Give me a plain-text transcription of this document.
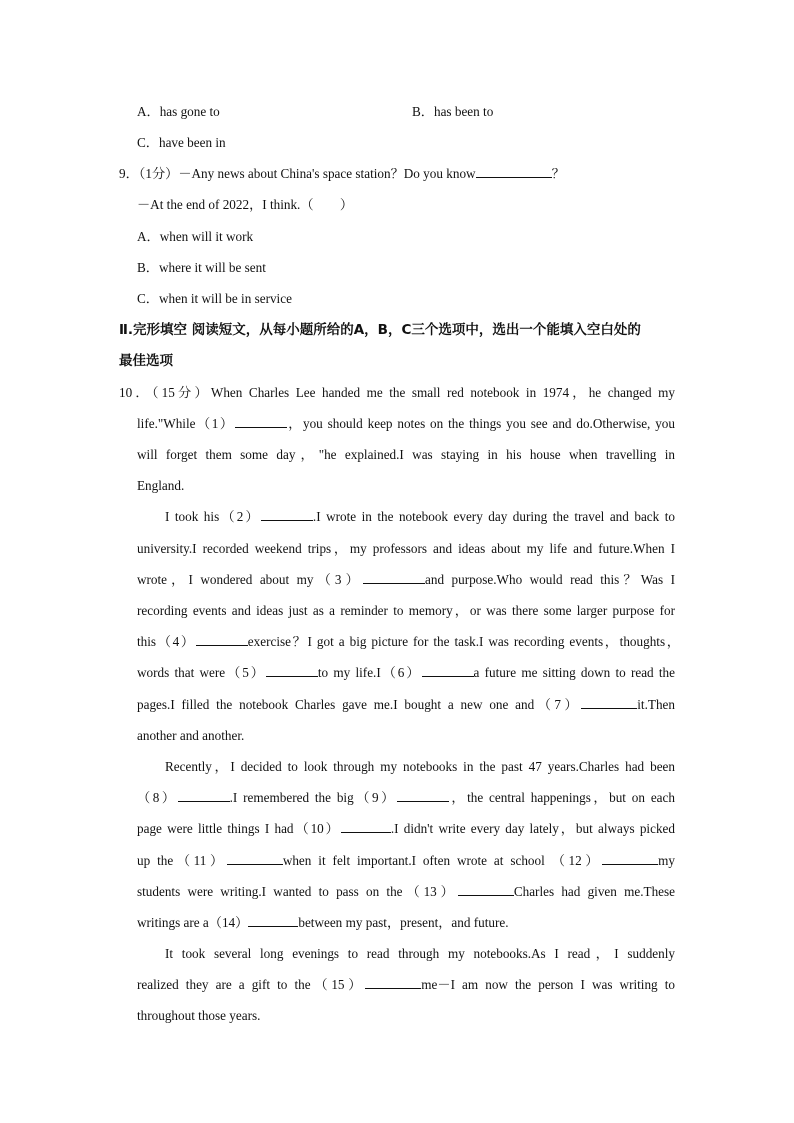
A．has gone to	B．has been to
C．have been in
9．（1分）－Any news about China's space station？Do you know	？
－At the end of 2022，I think.（　　）
A．when will it work
B．where it will be sent
C．when it will be in service
Ⅱ.完形填空 阅读短文，从每小题所给的A，B，C三个选项中，选出一个能填入空白处的
最佳选项
10．（15分）When Charles Lee handed me the small red notebook in 1974，he changed my
life."While（1）	，you should keep notes on the things you see and do.Otherwise, you
will forget them some day，"he explained.I was staying in his house when travelling in
England.
I took his（2）	.I wrote in the notebook every day during the travel and back to
university.I recorded weekend trips，my professors and ideas about my life and future.When I
wrote，I wondered about my（3）	and purpose.Who would read this？Was I
recording events and ideas just as a reminder to memory，or was there some larger purpose for
this（4）	exercise？I got a big picture for the task.I was recording events，thoughts，
words that were（5）	to my life.I（6）	a future me sitting down to read the
pages.I filled the notebook Charles gave me.I bought a new one and（7）	it.Then
another and another.
Recently，I decided to look through my notebooks in the past 47 years.Charles had been
（8）	.I remembered the big（9）	，the central happenings，but on each
page were little things I had（10）	.I didn't write every day lately，but always picked
up the（11）	when it felt important.I often wrote at school （12）	my
students were writing.I wanted to pass on the（13）	Charles had given me.These
writings are a（14）	between my past，present，and future.
It took several long evenings to read through my notebooks.As I read，I suddenly
realized they are a gift to the（15）	me－I am now the person I was writing to
throughout those years.
